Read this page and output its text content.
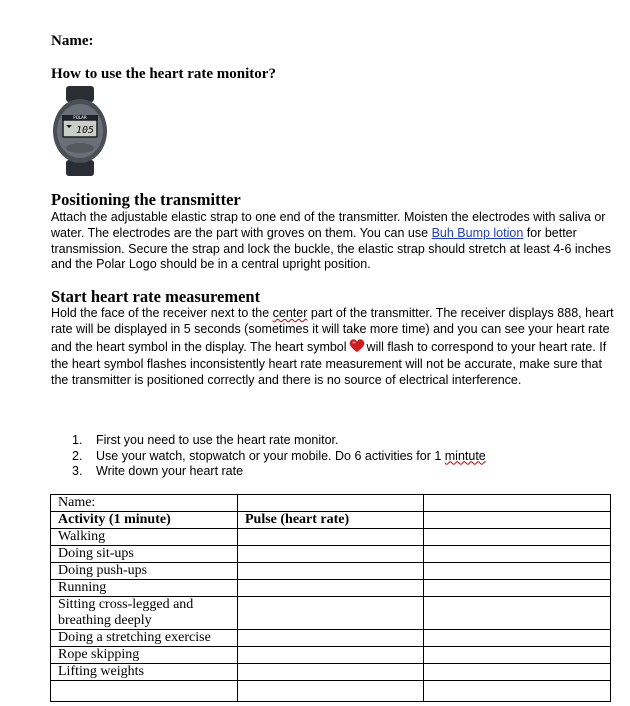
Name:
How to use the heart rate monitor?
POLAR
105
Positioning the transmitter
Attach the adjustable elastic strap to one end of the transmitter. Moisten the electrodes with saliva or water. The electrodes are the part with groves on them. You can use Buh Bump lotion for better transmission. Secure the strap and lock the buckle, the elastic strap should stretch at least 4-6 inches and the Polar Logo should be in a central upright position.
Start heart rate measurement
Hold the face of the receiver next to the center part of the transmitter. The receiver displays 888, heart rate will be displayed in 5 seconds (sometimes it will take more time) and you can see your heart rate and the heart symbol in the display. The heart symbol will flash to correspond to your heart rate. If the heart symbol flashes inconsistently heart rate measurement will not be accurate, make sure that the transmitter is positioned correctly and there is no source of electrical interference.
1.	First you need to use the heart rate monitor.
2.	Use your watch, stopwatch or your mobile. Do 6 activities for 1 mintute
3.	Write down your heart rate
Name:		
Activity (1 minute)	Pulse (heart rate)	
Walking		
Doing sit-ups		
Doing push-ups		
Running		
Sitting cross-legged and breathing deeply		
Doing a stretching exercise		
Rope skipping		
Lifting weights		
